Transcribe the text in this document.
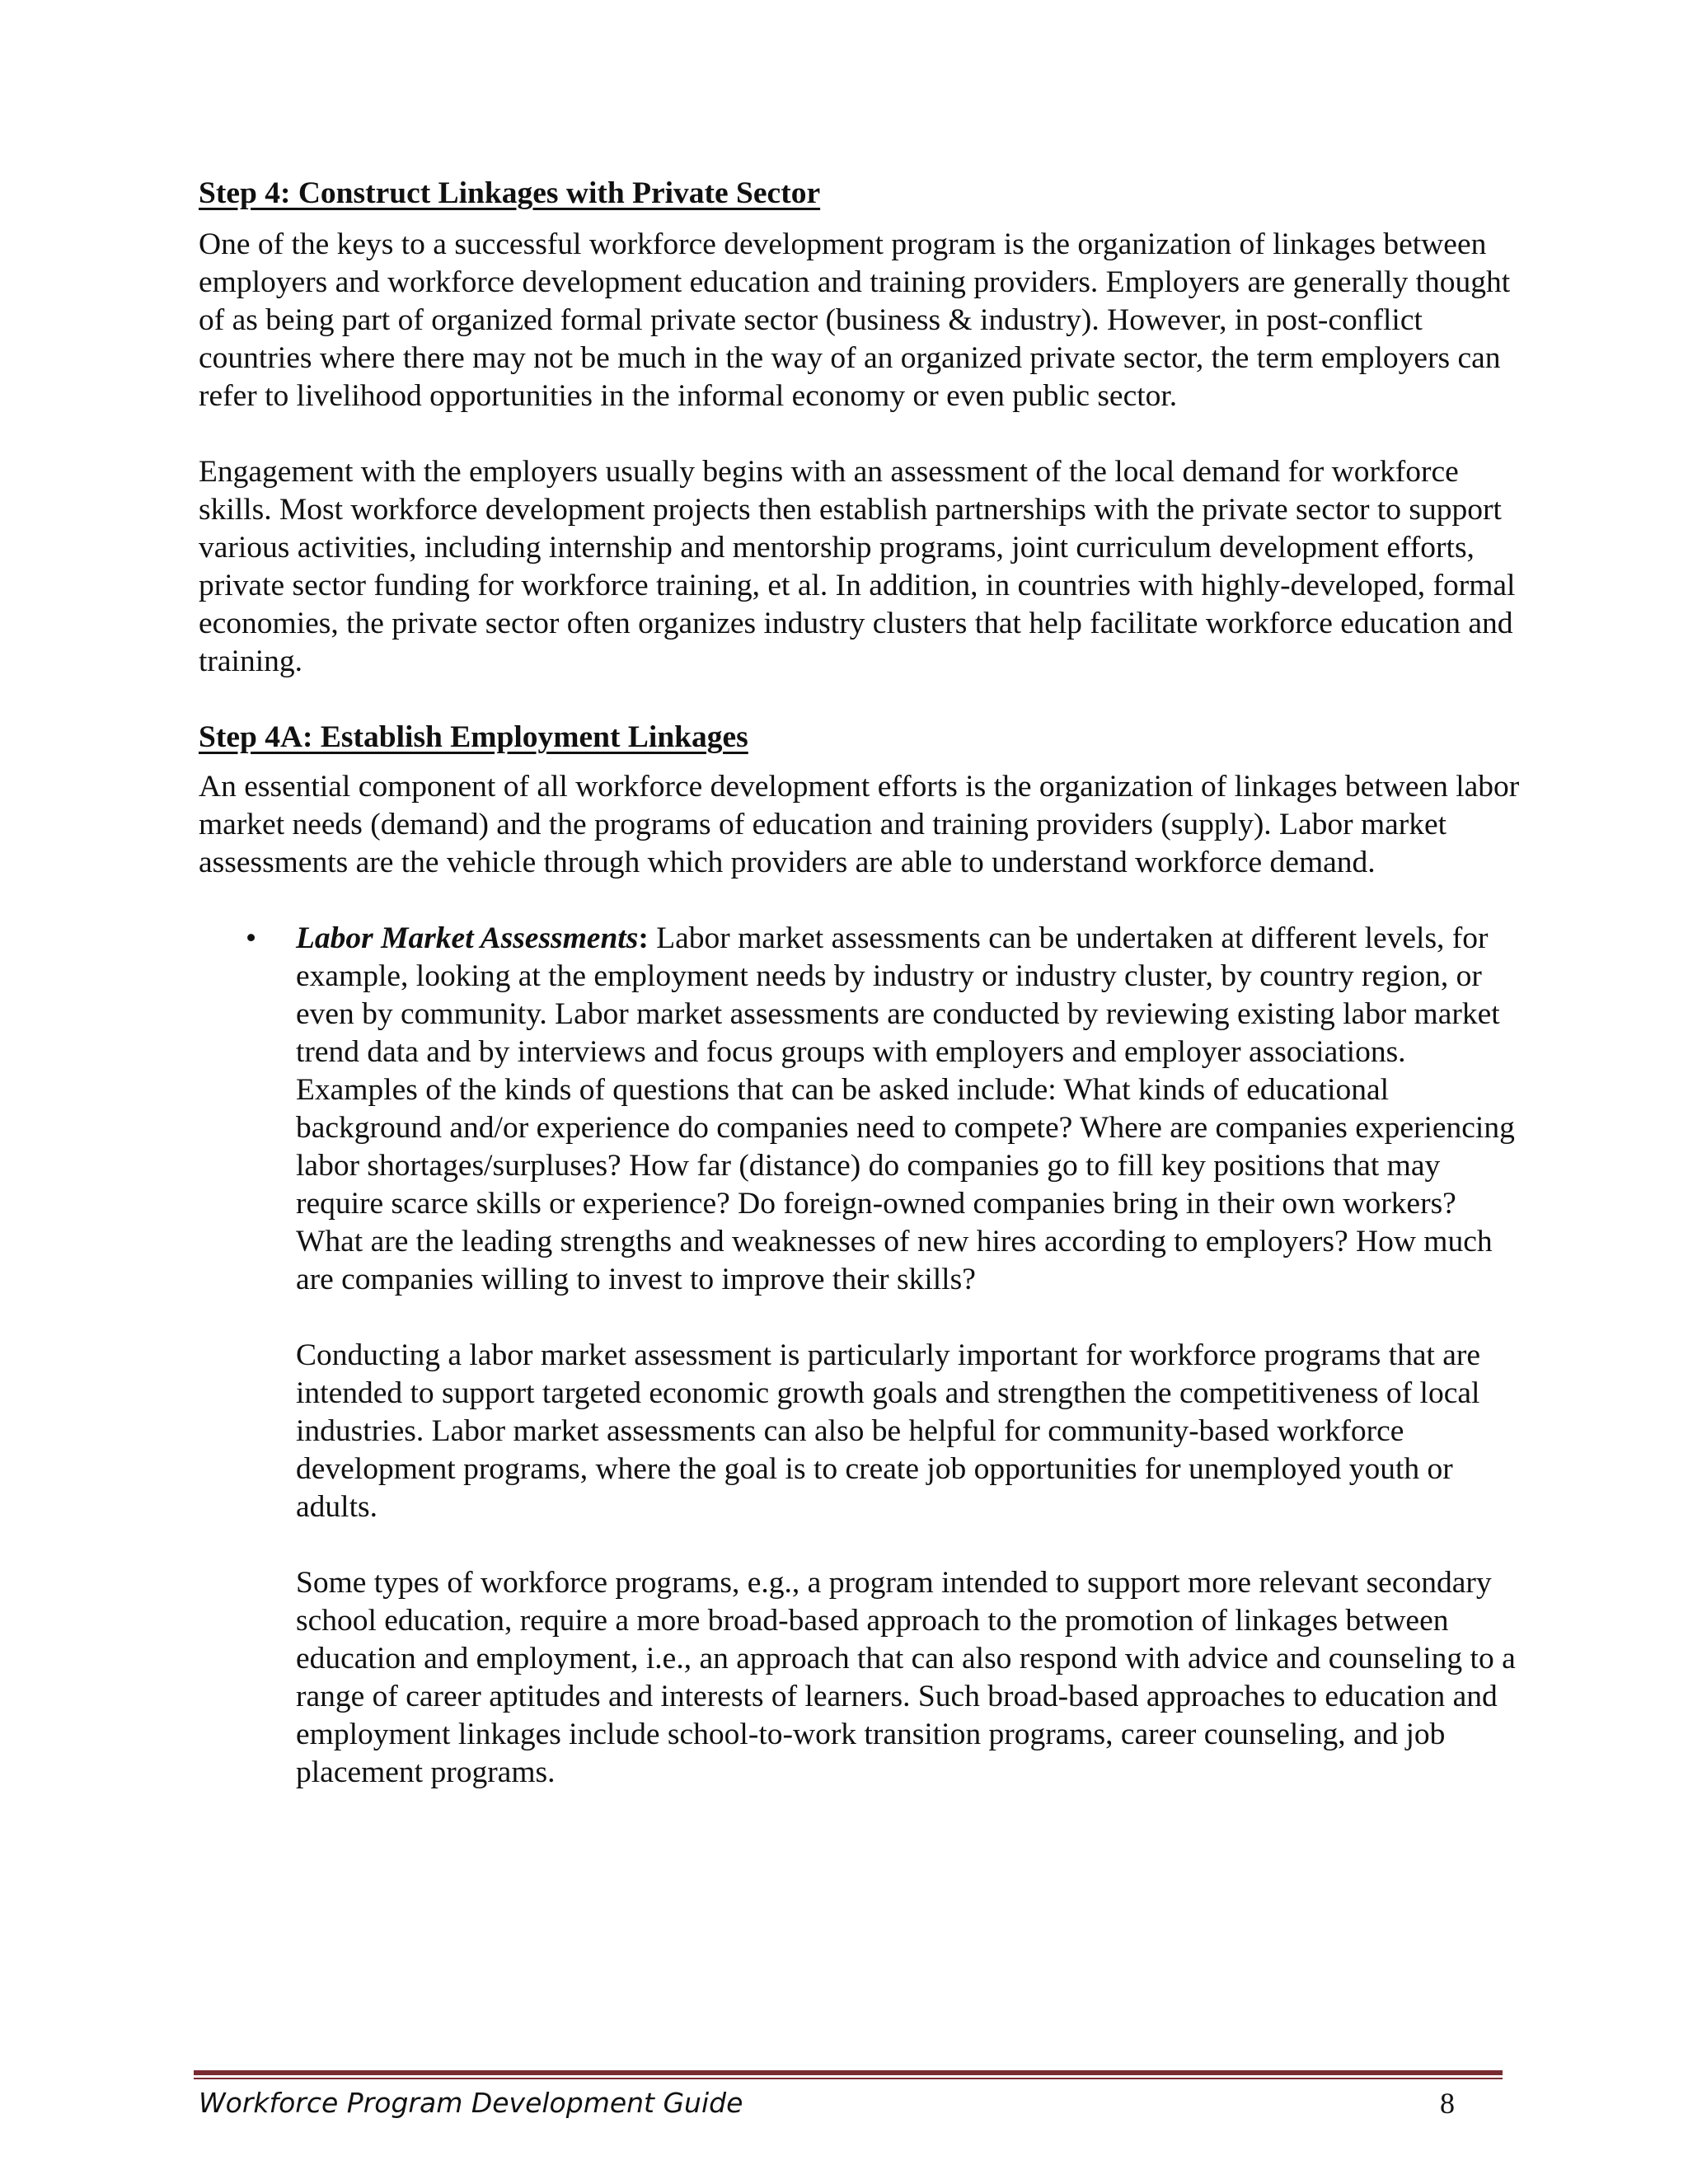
Step 4: Construct Linkages with Private Sector

One of the keys to a successful workforce development program is the organization of linkages between employers and workforce development education and training providers. Employers are generally thought of as being part of organized formal private sector (business & industry). However, in post-conflict countries where there may not be much in the way of an organized private sector, the term employers can refer to livelihood opportunities in the informal economy or even public sector.

Engagement with the employers usually begins with an assessment of the local demand for workforce skills. Most workforce development projects then establish partnerships with the private sector to support various activities, including internship and mentorship programs, joint curriculum development efforts, private sector funding for workforce training, et al. In addition, in countries with highly-developed, formal economies, the private sector often organizes industry clusters that help facilitate workforce education and training.

Step 4A: Establish Employment Linkages

An essential component of all workforce development efforts is the organization of linkages between labor market needs (demand) and the programs of education and training providers (supply). Labor market assessments are the vehicle through which providers are able to understand workforce demand.

• Labor Market Assessments: Labor market assessments can be undertaken at different levels, for example, looking at the employment needs by industry or industry cluster, by country region, or even by community. Labor market assessments are conducted by reviewing existing labor market trend data and by interviews and focus groups with employers and employer associations. Examples of the kinds of questions that can be asked include: What kinds of educational background and/or experience do companies need to compete? Where are companies experiencing labor shortages/surpluses? How far (distance) do companies go to fill key positions that may require scarce skills or experience? Do foreign-owned companies bring in their own workers? What are the leading strengths and weaknesses of new hires according to employers? How much are companies willing to invest to improve their skills?

Conducting a labor market assessment is particularly important for workforce programs that are intended to support targeted economic growth goals and strengthen the competitiveness of local industries. Labor market assessments can also be helpful for community-based workforce development programs, where the goal is to create job opportunities for unemployed youth or adults.

Some types of workforce programs, e.g., a program intended to support more relevant secondary school education, require a more broad-based approach to the promotion of linkages between education and employment, i.e., an approach that can also respond with advice and counseling to a range of career aptitudes and interests of learners. Such broad-based approaches to education and employment linkages include school-to-work transition programs, career counseling, and job placement programs.

Workforce Program Development Guide	8
